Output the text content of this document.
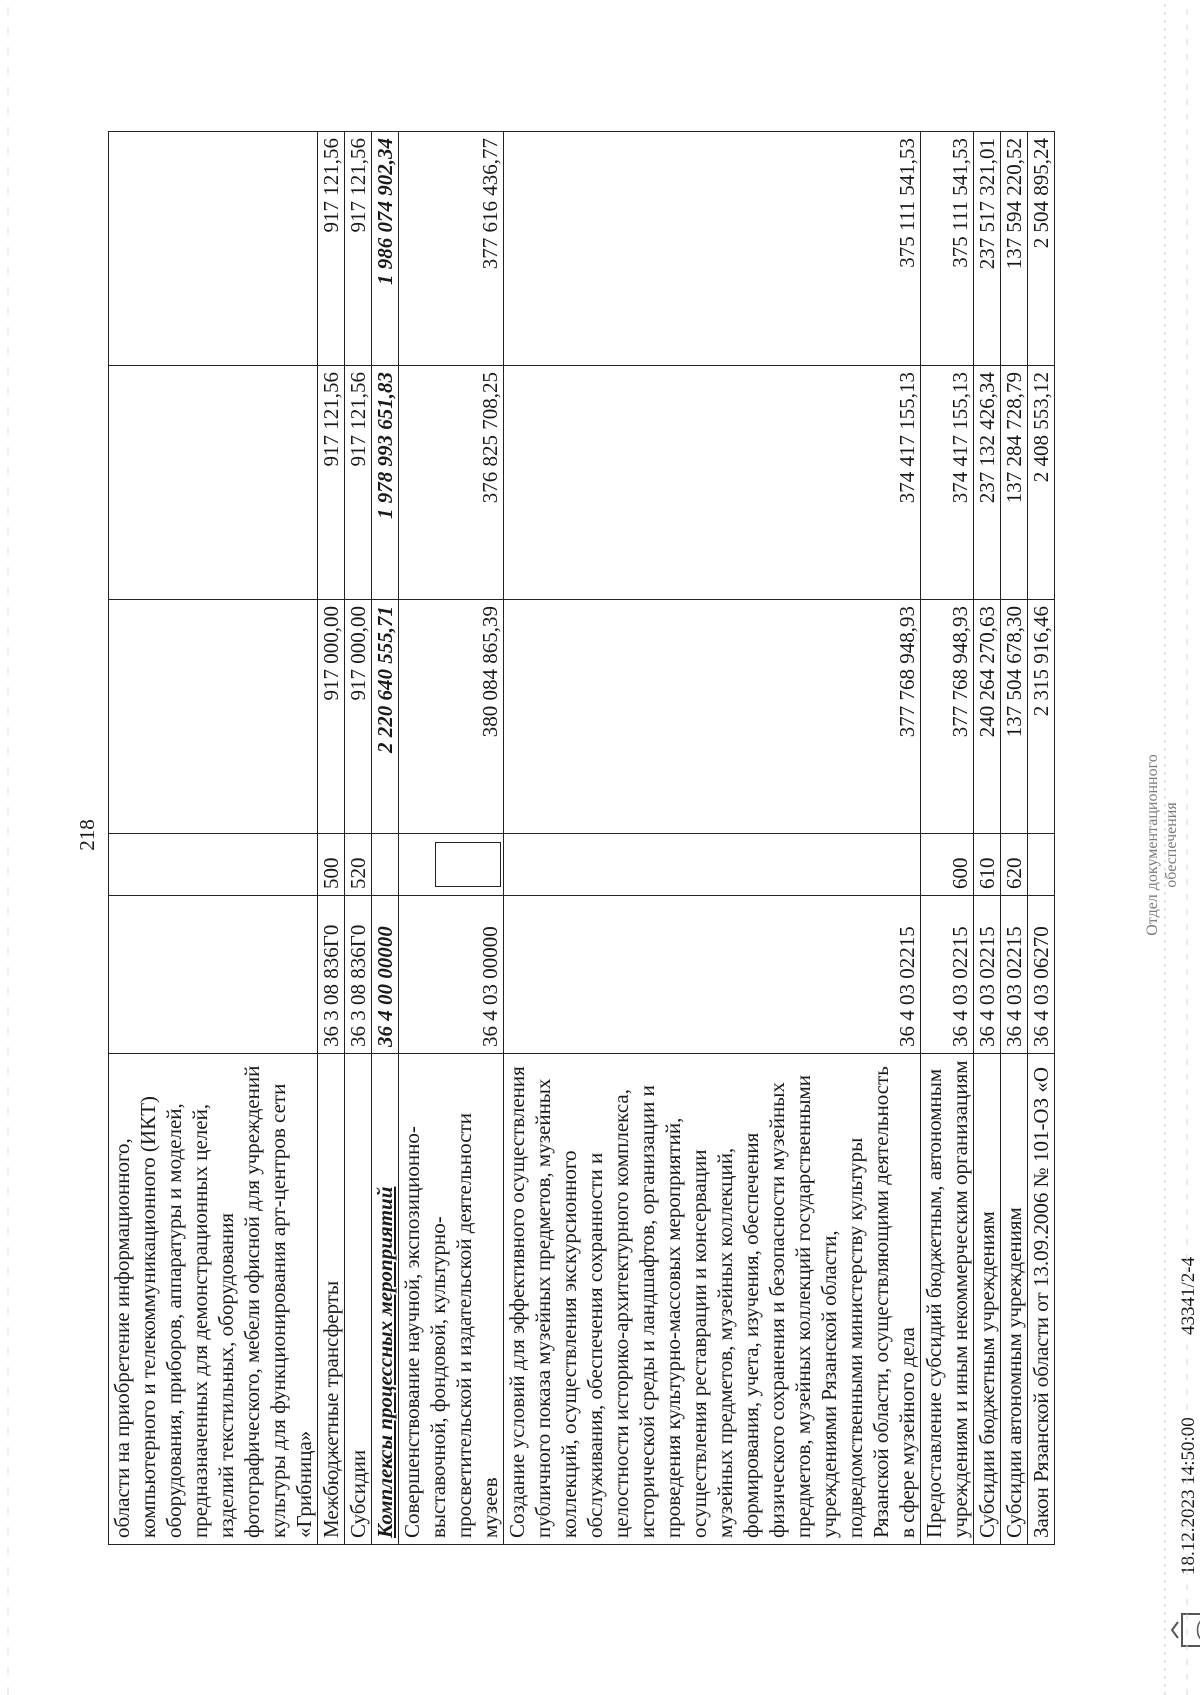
218
области на приобретение информационного, компьютерного и телекоммуникационного (ИКТ) оборудования, приборов, аппаратуры и моделей, предназначенных для демонстрационных целей, изделий текстильных, оборудования фотографического, мебели офисной для учреждений культуры для функционирования арт-центров сети «Грибница»					
Межбюджетные трансферты	36 3 08 836Г0	500	917 000,00	917 121,56	917 121,56
Субсидии	36 3 08 836Г0	520	917 000,00	917 121,56	917 121,56
Комплексы процессных мероприятий	36 4 00 00000		2 220 640 555,71	1 978 993 651,83	1 986 074 902,34
Совершенствование научной, экспозиционно-выставочной, фондовой, культурно-просветительской и издательской деятельности музеев	36 4 03 00000		380 084 865,39	376 825 708,25	377 616 436,77
Создание условий для эффективного осуществления публичного показа музейных предметов, музейных коллекций, осуществления экскурсионного обслуживания, обеспечения сохранности и целостности историко-архитектурного комплекса, исторической среды и ландшафтов, организации и проведения культурно-массовых мероприятий, осуществления реставрации и консервации музейных предметов, музейных коллекций, формирования, учета, изучения, обеспечения физического сохранения и безопасности музейных предметов, музейных коллекций государственными учреждениями Рязанской области, подведомственными министерству культуры Рязанской области, осуществляющими деятельность в сфере музейного дела	36 4 03 02215		377 768 948,93	374 417 155,13	375 111 541,53
Предоставление субсидий бюджетным, автономным учреждениям и иным некоммерческим организациям	36 4 03 02215	600	377 768 948,93	374 417 155,13	375 111 541,53
Субсидии бюджетным учреждениям	36 4 03 02215	610	240 264 270,63	237 132 426,34	237 517 321,01
Субсидии автономным учреждениям	36 4 03 02215	620	137 504 678,30	137 284 728,79	137 594 220,52
Закон Рязанской области от 13.09.2006 № 101-ОЗ «О	36 4 03 06270		2 315 916,46	2 408 553,12	2 504 895,24
18.12.2023 14:50:00
43341/2-4
Отдел документационного обеспечения
